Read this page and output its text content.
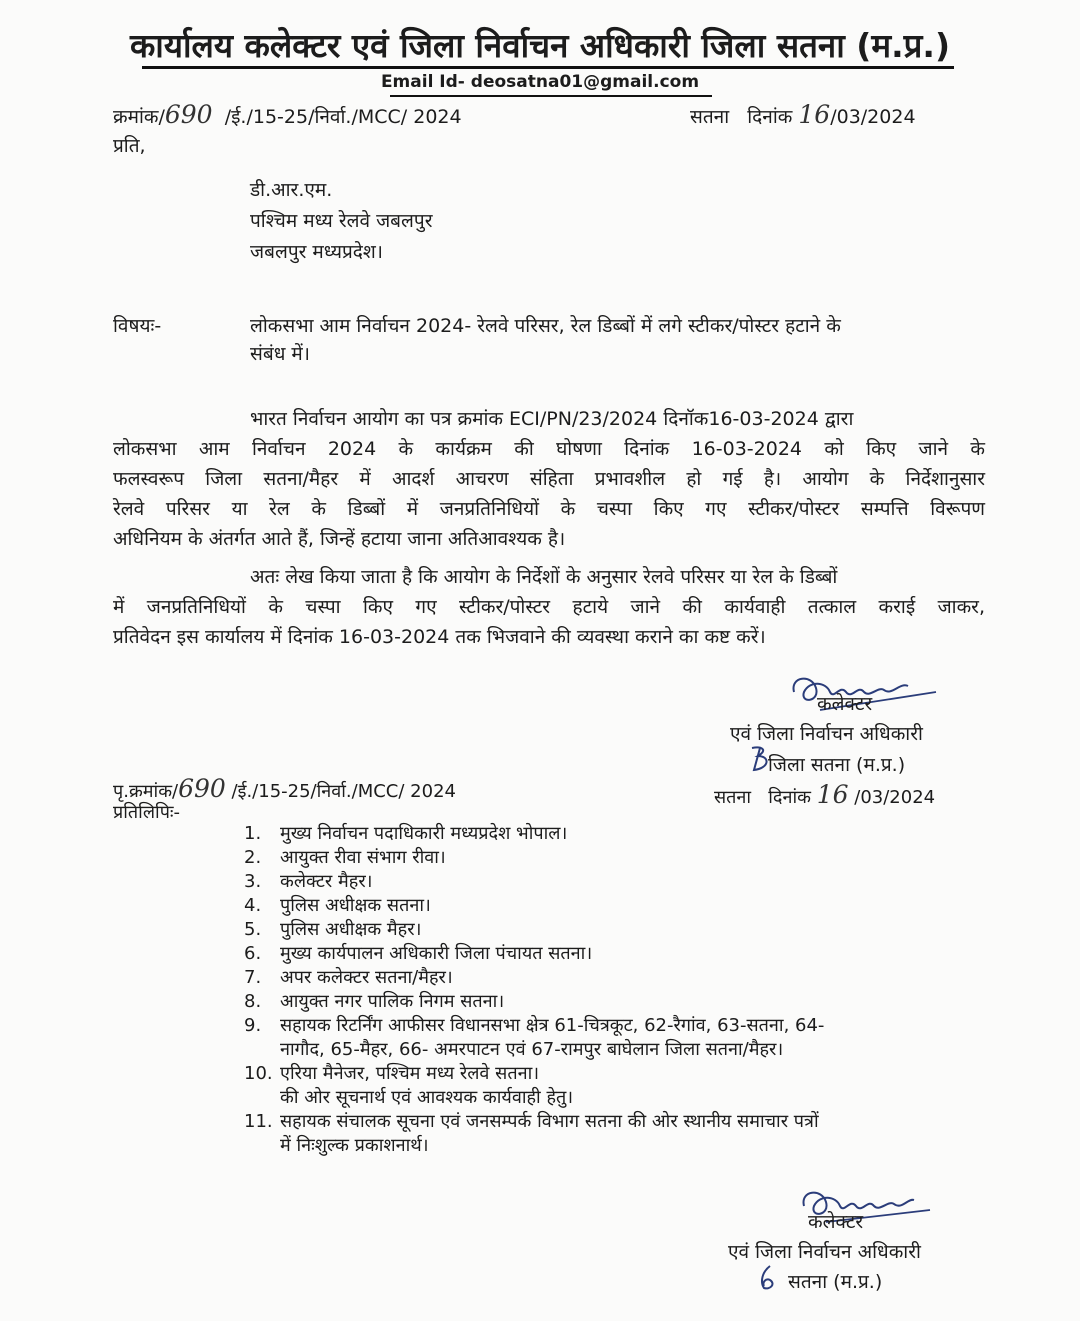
कार्यालय कलेक्टर एवं जिला निर्वाचन अधिकारी जिला सतना (म.प्र.)
Email Id- deosatna01@gmail.com
क्रमांक/690 /ई./15-25/निर्वा./MCC/ 2024	सतना दिनांक 16/03/2024
प्रति,
डी.आर.एम.
पश्चिम मध्य रेलवे जबलपुर
जबलपुर मध्यप्रदेश।
विषयः-	लोकसभा आम निर्वाचन 2024- रेलवे परिसर, रेल डिब्बों में लगे स्टीकर/पोस्टर हटाने के
संबंध में।
भारत निर्वाचन आयोग का पत्र क्रमांक ECI/PN/23/2024 दिनॉक16-03-2024 द्वारा
लोकसभा आम निर्वाचन 2024 के कार्यक्रम की घोषणा दिनांक 16-03-2024 को किए जाने के
फलस्वरूप जिला सतना/मैहर में आदर्श आचरण संहिता प्रभावशील हो गई है। आयोग के निर्देशानुसार
रेलवे परिसर या रेल के डिब्बों में जनप्रतिनिधियों के चस्पा किए गए स्टीकर/पोस्टर सम्पत्ति विरूपण
अधिनियम के अंतर्गत आते हैं, जिन्हें हटाया जाना अतिआवश्यक है।
अतः लेख किया जाता है कि आयोग के निर्देशों के अनुसार रेलवे परिसर या रेल के डिब्बों
में जनप्रतिनिधियों के चस्पा किए गए स्टीकर/पोस्टर हटाये जाने की कार्यवाही तत्काल कराई जाकर,
प्रतिवेदन इस कार्यालय में दिनांक 16-03-2024 तक भिजवाने की व्यवस्था कराने का कष्ट करें।
कलेक्टर
एवं जिला निर्वाचन अधिकारी
जिला सतना (म.प्र.)
पृ.क्रमांक/690 /ई./15-25/निर्वा./MCC/ 2024	सतना दिनांक 16 /03/2024
प्रतिलिपिः-
1.	मुख्य निर्वाचन पदाधिकारी मध्यप्रदेश भोपाल।
2.	आयुक्त रीवा संभाग रीवा।
3.	कलेक्टर मैहर।
4.	पुलिस अधीक्षक सतना।
5.	पुलिस अधीक्षक मैहर।
6.	मुख्य कार्यपालन अधिकारी जिला पंचायत सतना।
7.	अपर कलेक्टर सतना/मैहर।
8.	आयुक्त नगर पालिक निगम सतना।
9.	सहायक रिटर्निंग आफीसर विधानसभा क्षेत्र 61-चित्रकूट, 62-रैगांव, 63-सतना, 64-
नागौद, 65-मैहर, 66- अमरपाटन एवं 67-रामपुर बाघेलान जिला सतना/मैहर।
10. एरिया मैनेजर, पश्चिम मध्य रेलवे सतना।
की ओर सूचनार्थ एवं आवश्यक कार्यवाही हेतु।
11. सहायक संचालक सूचना एवं जनसम्पर्क विभाग सतना की ओर स्थानीय समाचार पत्रों
में निःशुल्क प्रकाशनार्थ।
कलेक्टर
एवं जिला निर्वाचन अधिकारी
सतना (म.प्र.)
